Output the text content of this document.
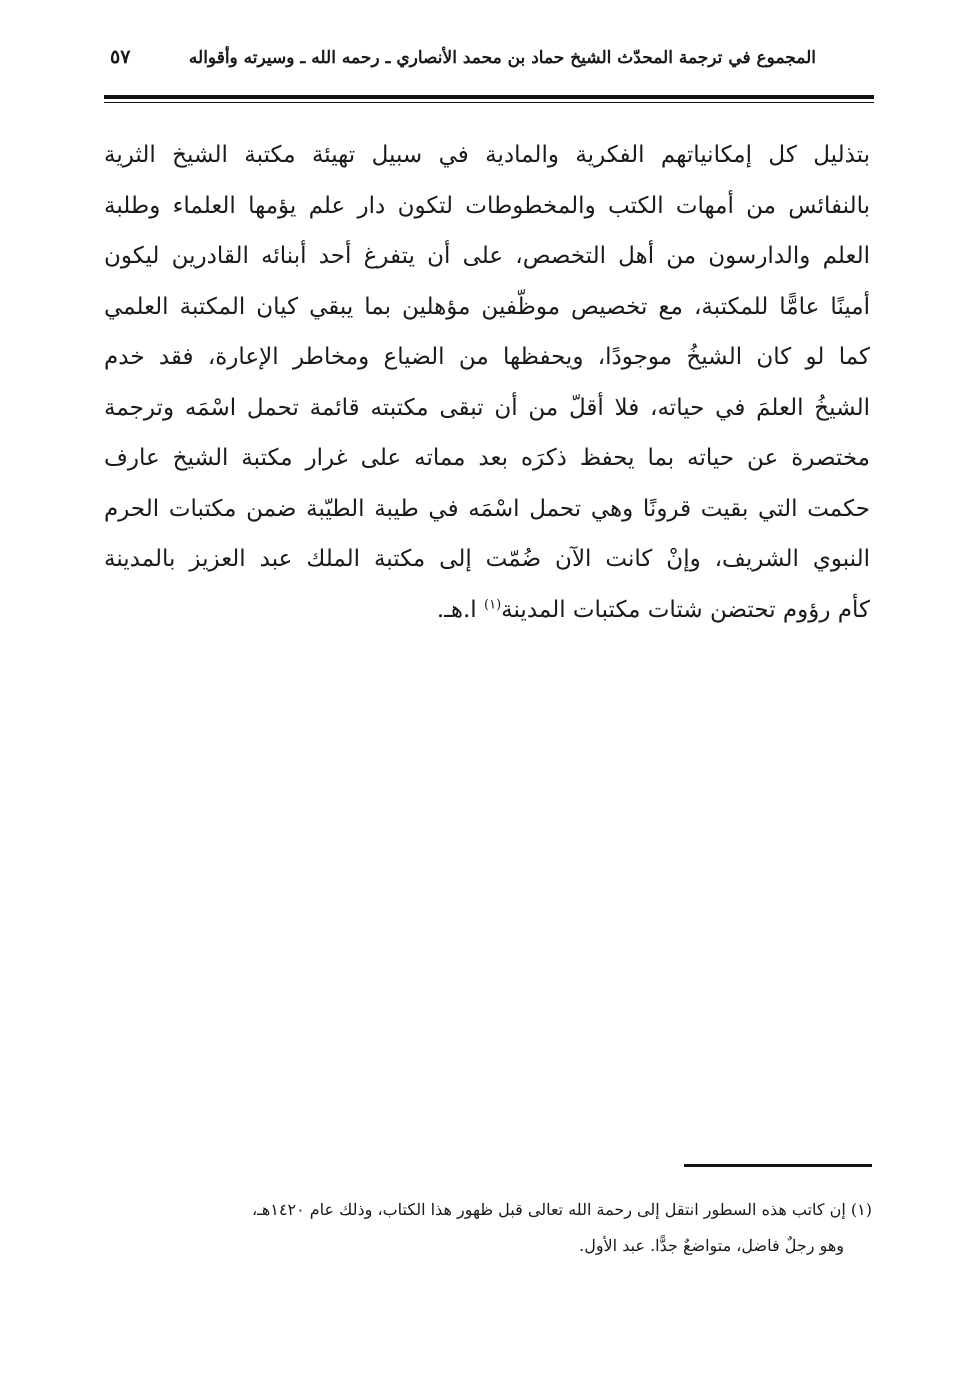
المجموع في ترجمة المحدّث الشيخ حماد بن محمد الأنصاري ـ رحمه الله ـ وسيرته وأقواله
٥٧
بتذليل كل إمكانياتهم الفكرية والمادية في سبيل تهيئة مكتبة الشيخ الثرية
بالنفائس من أمهات الكتب والمخطوطات لتكون دار علم يؤمها العلماء وطلبة
العلم والدارسون من أهل التخصص، على أن يتفرغ أحد أبنائه القادرين ليكون
أمينًا عامًّا للمكتبة، مع تخصيص موظّفين مؤهلين بما يبقي كيان المكتبة العلمي
كما لو كان الشيخُ موجودًا، ويحفظها من الضياع ومخاطر الإعارة، فقد خدم
الشيخُ العلمَ في حياته، فلا أقلّ من أن تبقى مكتبته قائمة تحمل اسْمَه وترجمة
مختصرة عن حياته بما يحفظ ذكرَه بعد مماته على غرار مكتبة الشيخ عارف
حكمت التي بقيت قرونًا وهي تحمل اسْمَه في طيبة الطيّبة ضمن مكتبات الحرم
النبوي الشريف، وإنْ كانت الآن ضُمّت إلى مكتبة الملك عبد العزيز بالمدينة
كأم رؤوم تحتضن شتات مكتبات المدينة$^{(١)}$ ا.هـ.
(١) إن كاتب هذه السطور انتقل إلى رحمة الله تعالى قبل ظهور هذا الكتاب، وذلك عام ١٤٢٠هـ،
وهو رجلٌ فاضل، متواضعٌ جدًّا. عبد الأول.
